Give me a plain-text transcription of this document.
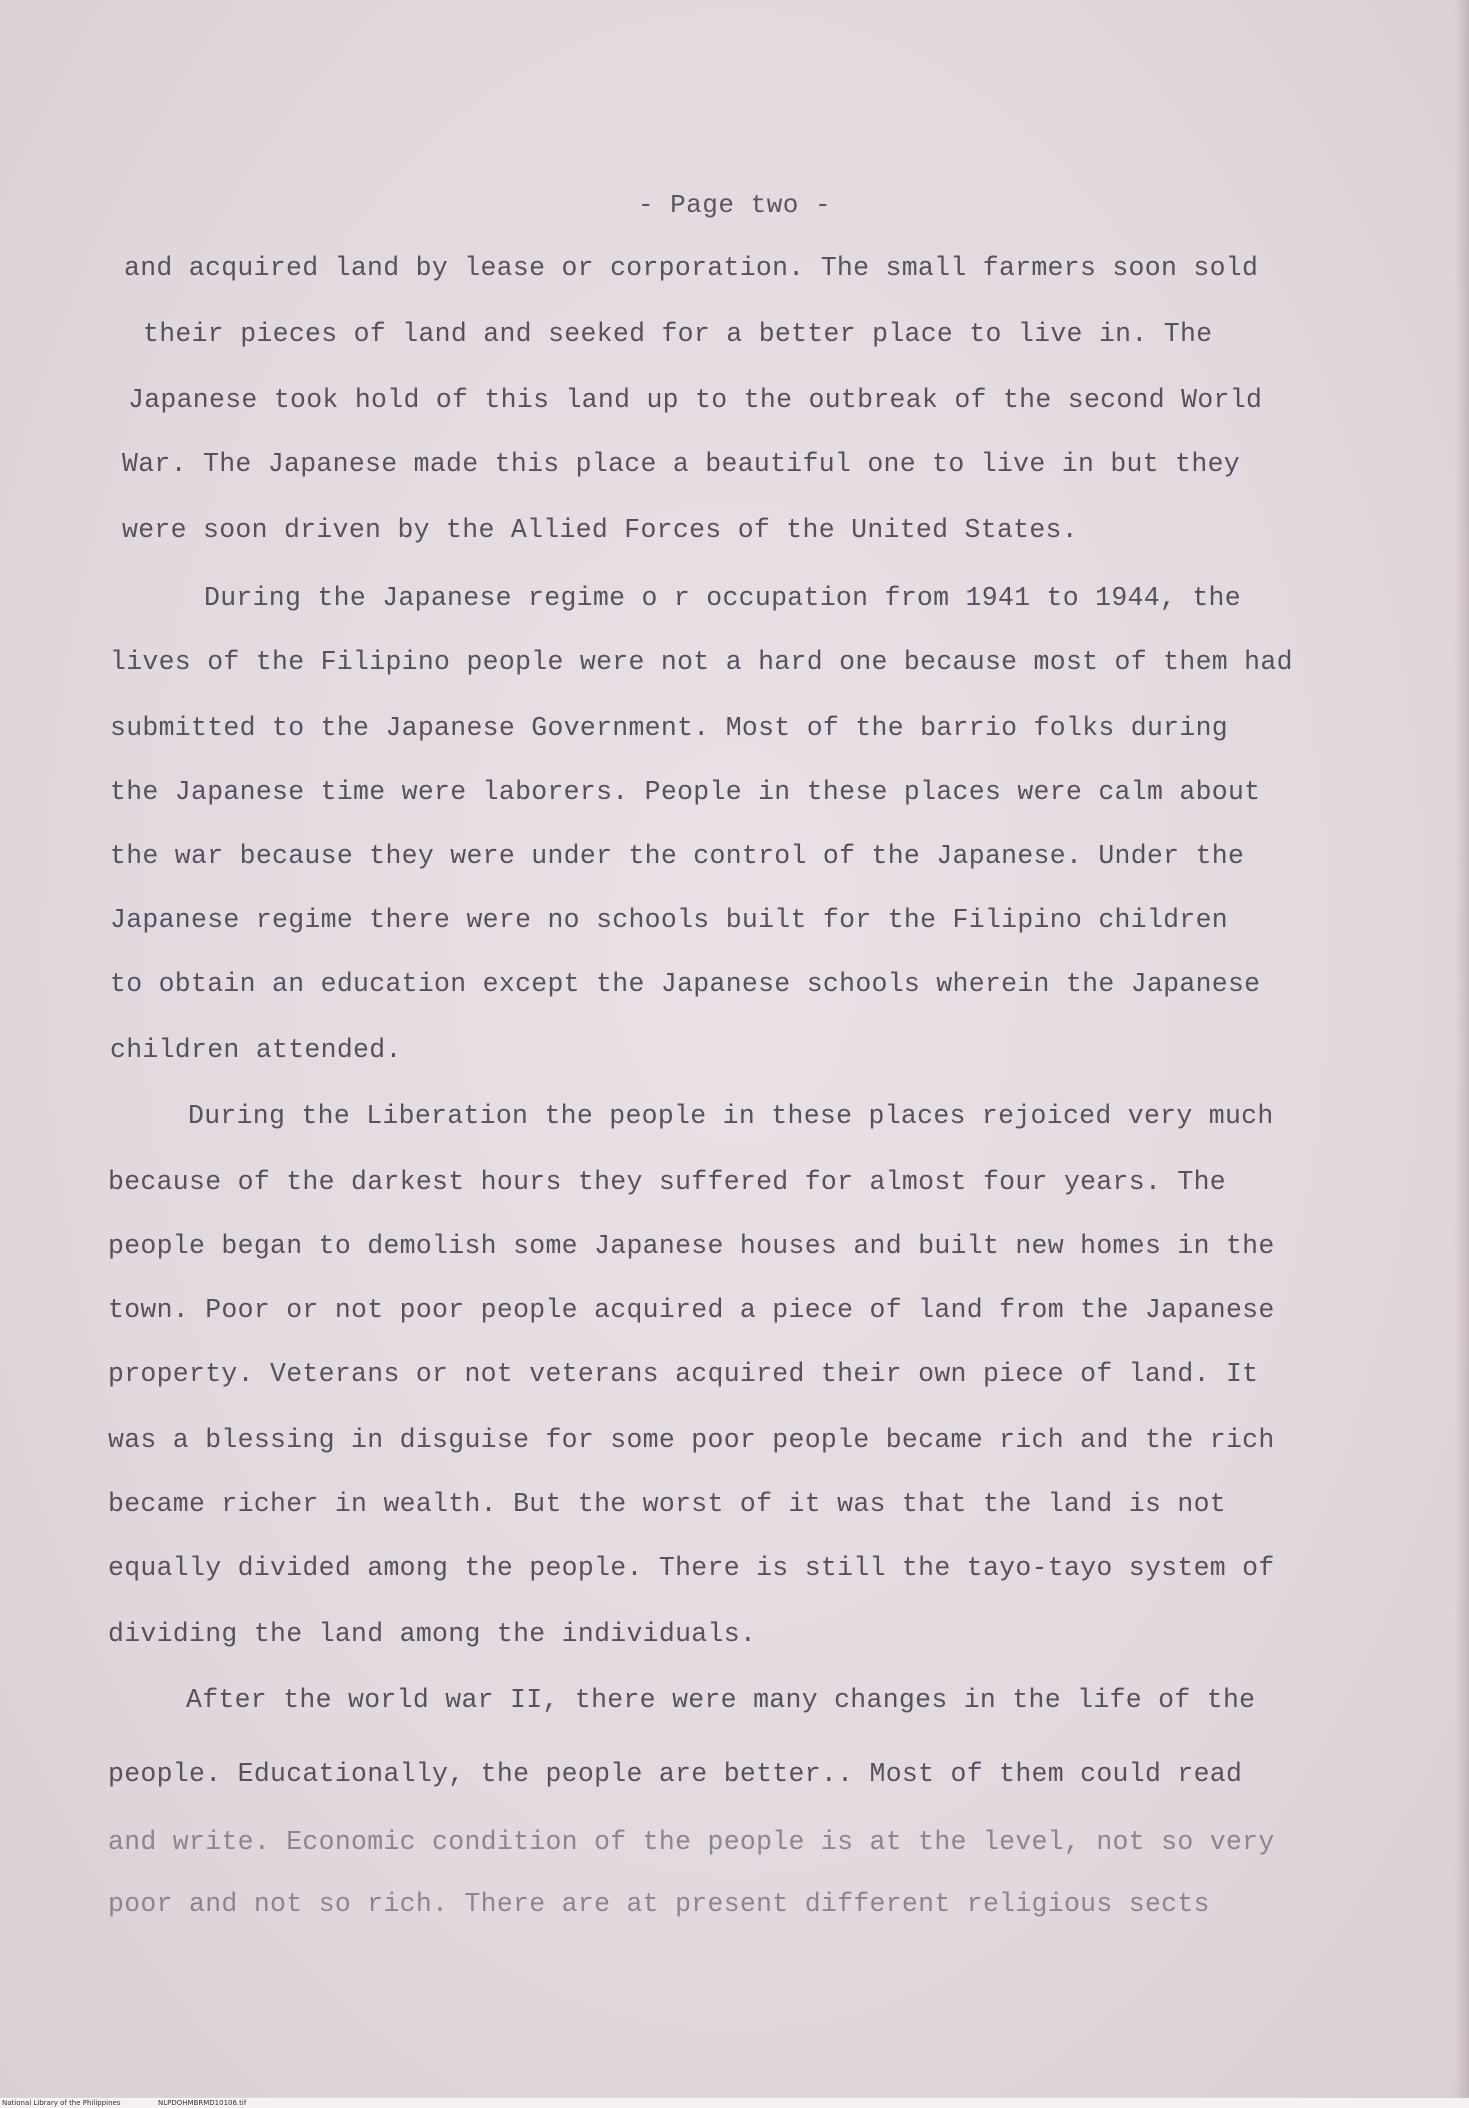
- Page two -
and acquired land by lease or corporation. The small farmers soon sold
their pieces of land and seeked for a better place to live in. The
Japanese took hold of this land up to the outbreak of the second World
War. The Japanese made this place a beautiful one to live in but they
were soon driven by the Allied Forces of the United States.
During the Japanese regime o r occupation from 1941 to 1944, the
lives of the Filipino people were not a hard one because most of them had
submitted to the Japanese Government. Most of the barrio folks during
the Japanese time were laborers. People in these places were calm about
the war because they were under the control of the Japanese. Under the
Japanese regime there were no schools built for the Filipino children
to obtain an education except the Japanese schools wherein the Japanese
children attended.
During the Liberation the people in these places rejoiced very much
because of the darkest hours they suffered for almost four years. The
people began to demolish some Japanese houses and built new homes in the
town. Poor or not poor people acquired a piece of land from the Japanese
property. Veterans or not veterans acquired their own piece of land. It
was a blessing in disguise for some poor people became rich and the rich
became richer in wealth. But the worst of it was that the land is not
equally divided among the people. There is still the tayo-tayo system of
dividing the land among the individuals.
After the world war II, there were many changes in the life of the
people. Educationally, the people are better.. Most of them could read
and write. Economic condition of the people is at the level, not so very
poor and not so rich. There are at present different religious sects
National Library of the Philippines	NLPDOHMBRMD10106.tif
